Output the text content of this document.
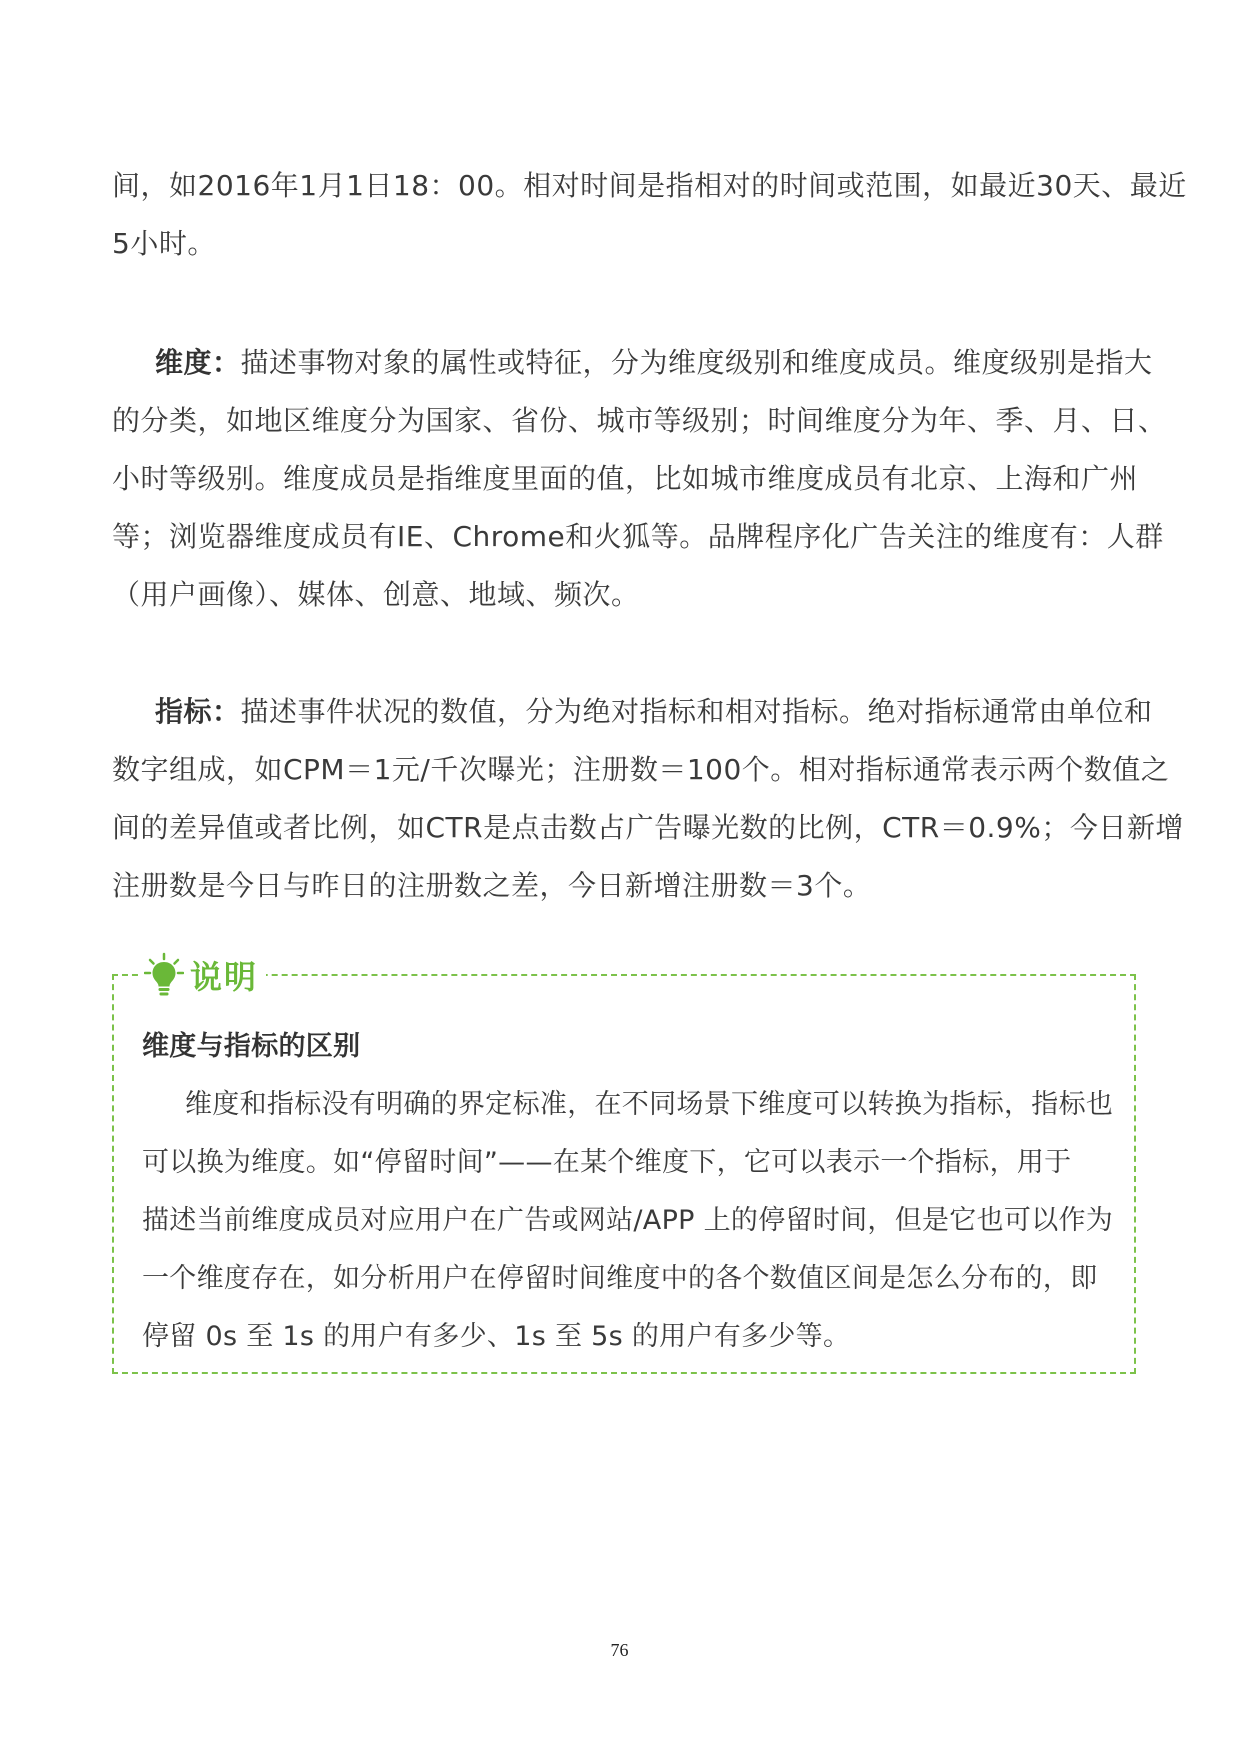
间，如2016年1月1日18：00。相对时间是指相对的时间或范围，如最近30天、最近
5小时。
维度：描述事物对象的属性或特征，分为维度级别和维度成员。维度级别是指大
的分类，如地区维度分为国家、省份、城市等级别；时间维度分为年、季、月、日、
小时等级别。维度成员是指维度里面的值，比如城市维度成员有北京、上海和广州
等；浏览器维度成员有IE、Chrome和火狐等。品牌程序化广告关注的维度有：人群
（用户画像）、媒体、创意、地域、频次。
指标：描述事件状况的数值，分为绝对指标和相对指标。绝对指标通常由单位和
数字组成，如CPM＝1元/千次曝光；注册数＝100个。相对指标通常表示两个数值之
间的差异值或者比例，如CTR是点击数占广告曝光数的比例，CTR＝0.9%；今日新增
注册数是今日与昨日的注册数之差，今日新增注册数＝3个。
说明
维度与指标的区别
维度和指标没有明确的界定标准，在不同场景下维度可以转换为指标，指标也
可以换为维度。如“停留时间”——在某个维度下，它可以表示一个指标，用于
描述当前维度成员对应用户在广告或网站/APP 上的停留时间，但是它也可以作为
一个维度存在，如分析用户在停留时间维度中的各个数值区间是怎么分布的，即
停留 0s 至 1s 的用户有多少、1s 至 5s 的用户有多少等。
76
